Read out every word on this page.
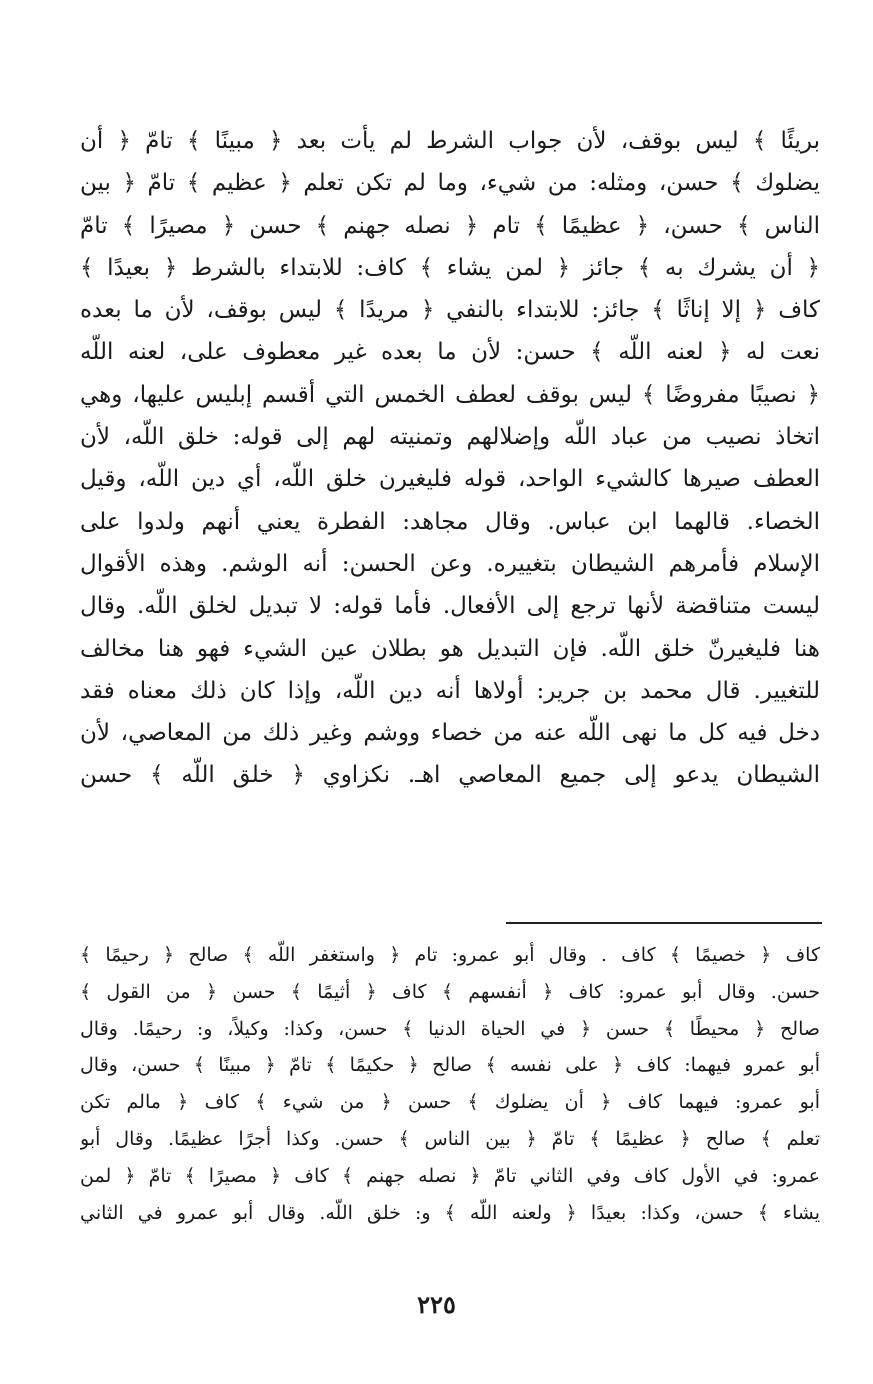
بريئًا ﴾ ليس بوقف، لأن جواب الشرط لم يأت بعد ﴿ مبينًا ﴾ تامّ ﴿ أن
يضلوك ﴾ حسن، ومثله: من شيء، وما لم تكن تعلم ﴿ عظيم ﴾ تامّ ﴿ بين
الناس ﴾ حسن، ﴿ عظيمًا ﴾ تام ﴿ نصله جهنم ﴾ حسن ﴿ مصيرًا ﴾ تامّ
﴿ أن يشرك به ﴾ جائز ﴿ لمن يشاء ﴾ كاف: للابتداء بالشرط ﴿ بعيدًا ﴾
كاف ﴿ إلا إناثًا ﴾ جائز: للابتداء بالنفي ﴿ مريدًا ﴾ ليس بوقف، لأن ما بعده
نعت له ﴿ لعنه اللّه ﴾ حسن: لأن ما بعده غير معطوف على، لعنه اللّه
﴿ نصيبًا مفروضًا ﴾ ليس بوقف لعطف الخمس التي أقسم إبليس عليها، وهي
اتخاذ نصيب من عباد اللّه وإضلالهم وتمنيته لهم إلى قوله: خلق اللّه، لأن
العطف صيرها كالشيء الواحد، قوله فليغيرن خلق اللّه، أي دين اللّه، وقيل
الخصاء. قالهما ابن عباس. وقال مجاهد: الفطرة يعني أنهم ولدوا على
الإسلام فأمرهم الشيطان بتغييره. وعن الحسن: أنه الوشم. وهذه الأقوال
ليست متناقضة لأنها ترجع إلى الأفعال. فأما قوله: لا تبديل لخلق اللّه. وقال
هنا فليغيرنّ خلق اللّه. فإن التبديل هو بطلان عين الشيء فهو هنا مخالف
للتغيير. قال محمد بن جرير: أولاها أنه دين اللّه، وإذا كان ذلك معناه فقد
دخل فيه كل ما نهى اللّه عنه من خصاء ووشم وغير ذلك من المعاصي، لأن
الشيطان يدعو إلى جميع المعاصي اهـ. نكزاوي ﴿ خلق اللّه ﴾ حسن
كاف ﴿ خصيمًا ﴾ كاف . وقال أبو عمرو: تام ﴿ واستغفر اللّه ﴾ صالح ﴿ رحيمًا ﴾
حسن. وقال أبو عمرو: كاف ﴿ أنفسهم ﴾ كاف ﴿ أثيمًا ﴾ حسن ﴿ من القول ﴾
صالح ﴿ محيطًا ﴾ حسن ﴿ في الحياة الدنيا ﴾ حسن، وكذا: وكيلاً، و: رحيمًا. وقال
أبو عمرو فيهما: كاف ﴿ على نفسه ﴾ صالح ﴿ حكيمًا ﴾ تامّ ﴿ مبينًا ﴾ حسن، وقال
أبو عمرو: فيهما كاف ﴿ أن يضلوك ﴾ حسن ﴿ من شيء ﴾ كاف ﴿ مالم تكن
تعلم ﴾ صالح ﴿ عظيمًا ﴾ تامّ ﴿ بين الناس ﴾ حسن. وكذا أجرًا عظيمًا. وقال أبو
عمرو: في الأول كاف وفي الثاني تامّ ﴿ نصله جهنم ﴾ كاف ﴿ مصيرًا ﴾ تامّ ﴿ لمن
يشاء ﴾ حسن، وكذا: بعيدًا ﴿ ولعنه اللّه ﴾ و: خلق اللّه. وقال أبو عمرو في الثاني
٢٢٥
